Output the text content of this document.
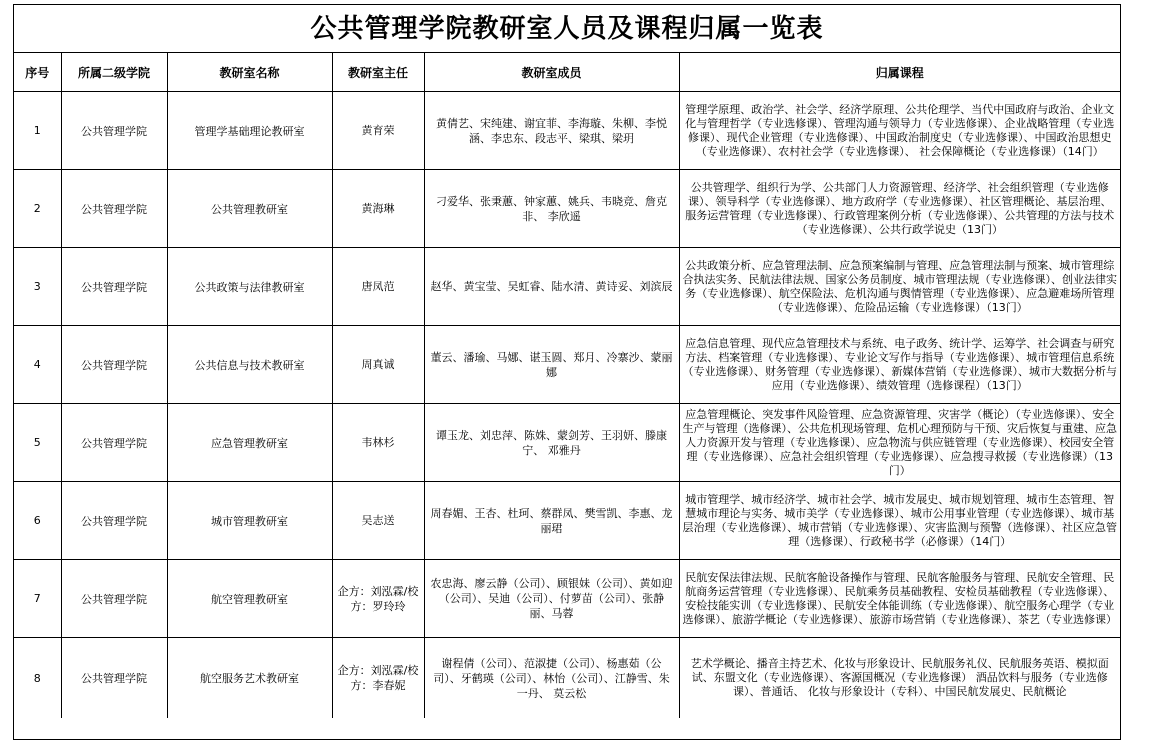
公共管理学院教研室人员及课程归属一览表
序号	所属二级学院	教研室名称	教研室主任	教研室成员	归属课程
1	公共管理学院	管理学基础理论教研室	黄育荣	黄倩艺、宋纯建、谢宜菲、李海璇、朱柳、李悦涵、李忠东、段志平、梁琪、梁玥	管理学原理、政治学、社会学、经济学原理、公共伦理学、当代中国政府与政治、企业文化与管理哲学（专业选修课）、管理沟通与领导力（专业选修课）、企业战略管理（专业选修课）、现代企业管理（专业选修课）、中国政治制度史（专业选修课）、中国政治思想史（专业选修课）、农村社会学（专业选修课）、 社会保障概论（专业选修课）（14门）
2	公共管理学院	公共管理教研室	黄海琳	刁爱华、张秉蕙、钟家蕙、姚兵、韦晓竞、詹克非、 李欣遥	公共管理学、组织行为学、公共部门人力资源管理、经济学、社会组织管理（专业选修课）、领导科学（专业选修课）、地方政府学（专业选修课）、社区管理概论、基层治理、 服务运营管理（专业选修课）、行政管理案例分析（专业选修课）、公共管理的方法与技术（专业选修课）、公共行政学说史（13门）
3	公共管理学院	公共政策与法律教研室	唐凤范	赵华、黄宝莹、吴虹睿、陆水清、黄诗妥、刘滨辰	公共政策分析、应急管理法制、应急预案编制与管理、应急管理法制与预案、城市管理综合执法实务、民航法律法规、国家公务员制度、城市管理法规（专业选修课）、创业法律实务（专业选修课）、航空保险法、危机沟通与舆情管理（专业选修课）、应急避难场所管理（专业选修课）、危险品运输（专业选修课）（13门）
4	公共管理学院	公共信息与技术教研室	周真诚	董云、潘瑜、马娜、谌玉圆、郑月、冷寨沙、蒙丽娜	应急信息管理、现代应急管理技术与系统、电子政务、统计学、运筹学、社会调查与研究方法、档案管理（专业选修课）、专业论文写作与指导（专业选修课）、城市管理信息系统（专业选修课）、财务管理（专业选修课）、新媒体营销（专业选修课）、城市大数据分析与应用（专业选修课）、绩效管理（选修课程）（13门）
5	公共管理学院	应急管理教研室	韦林杉	谭玉龙、刘忠萍、陈姝、蒙剑芳、王羽妍、滕康宁、 邓雅丹	应急管理概论、突发事件风险管理、应急资源管理、灾害学（概论）（专业选修课）、安全生产与管理（选修课）、公共危机现场管理、危机心理预防与干预、灾后恢复与重建、应急人力资源开发与管理（专业选修课）、应急物流与供应链管理（专业选修课）、校园安全管理（专业选修课）、应急社会组织管理（专业选修课）、应急搜寻救援（专业选修课）（13门）
6	公共管理学院	城市管理教研室	吴志送	周春媚、王杏、杜珂、蔡群凤、樊雪凯、李惠、龙丽珺	城市管理学、城市经济学、城市社会学、城市发展史、城市规划管理、城市生态管理、智慧城市理论与实务、城市美学（专业选修课）、城市公用事业管理（专业选修课）、城市基层治理（专业选修课）、城市营销（专业选修课）、灾害监测与预警（选修课）、社区应急管理（选修课）、行政秘书学（必修课）（14门）
7	公共管理学院	航空管理教研室	企方：刘泓霖/校方：罗玲玲	农忠海、廖云静（公司）、顾银妹（公司）、黄如迎（公司）、吴迪（公司）、付萝苗（公司）、张静丽、马蓉	民航安保法律法规、民航客舱设备操作与管理、民航客舱服务与管理、民航安全管理、民航商务运营管理（专业选修课）、民航乘务员基础教程、安检员基础教程（专业选修课）、安检技能实训（专业选修课）、民航安全体能训练（专业选修课）、航空服务心理学（专业选修课）、旅游学概论（专业选修课）、旅游市场营销（专业选修课）、茶艺（专业选修课）
8	公共管理学院	航空服务艺术教研室	企方：刘泓霖/校方：李春妮	谢程倩（公司）、范淑捷（公司）、杨惠茹（公司）、牙鹤瑛（公司）、林怡（公司）、江静雪、朱一丹、 莫云松	艺术学概论、播音主持艺术、化妆与形象设计、民航服务礼仪、民航服务英语、模拟面试、东盟文化（专业选修课）、客源国概况（专业选修课） 酒品饮料与服务（专业选修课）、普通话、 化妆与形象设计（专科）、中国民航发展史、民航概论
